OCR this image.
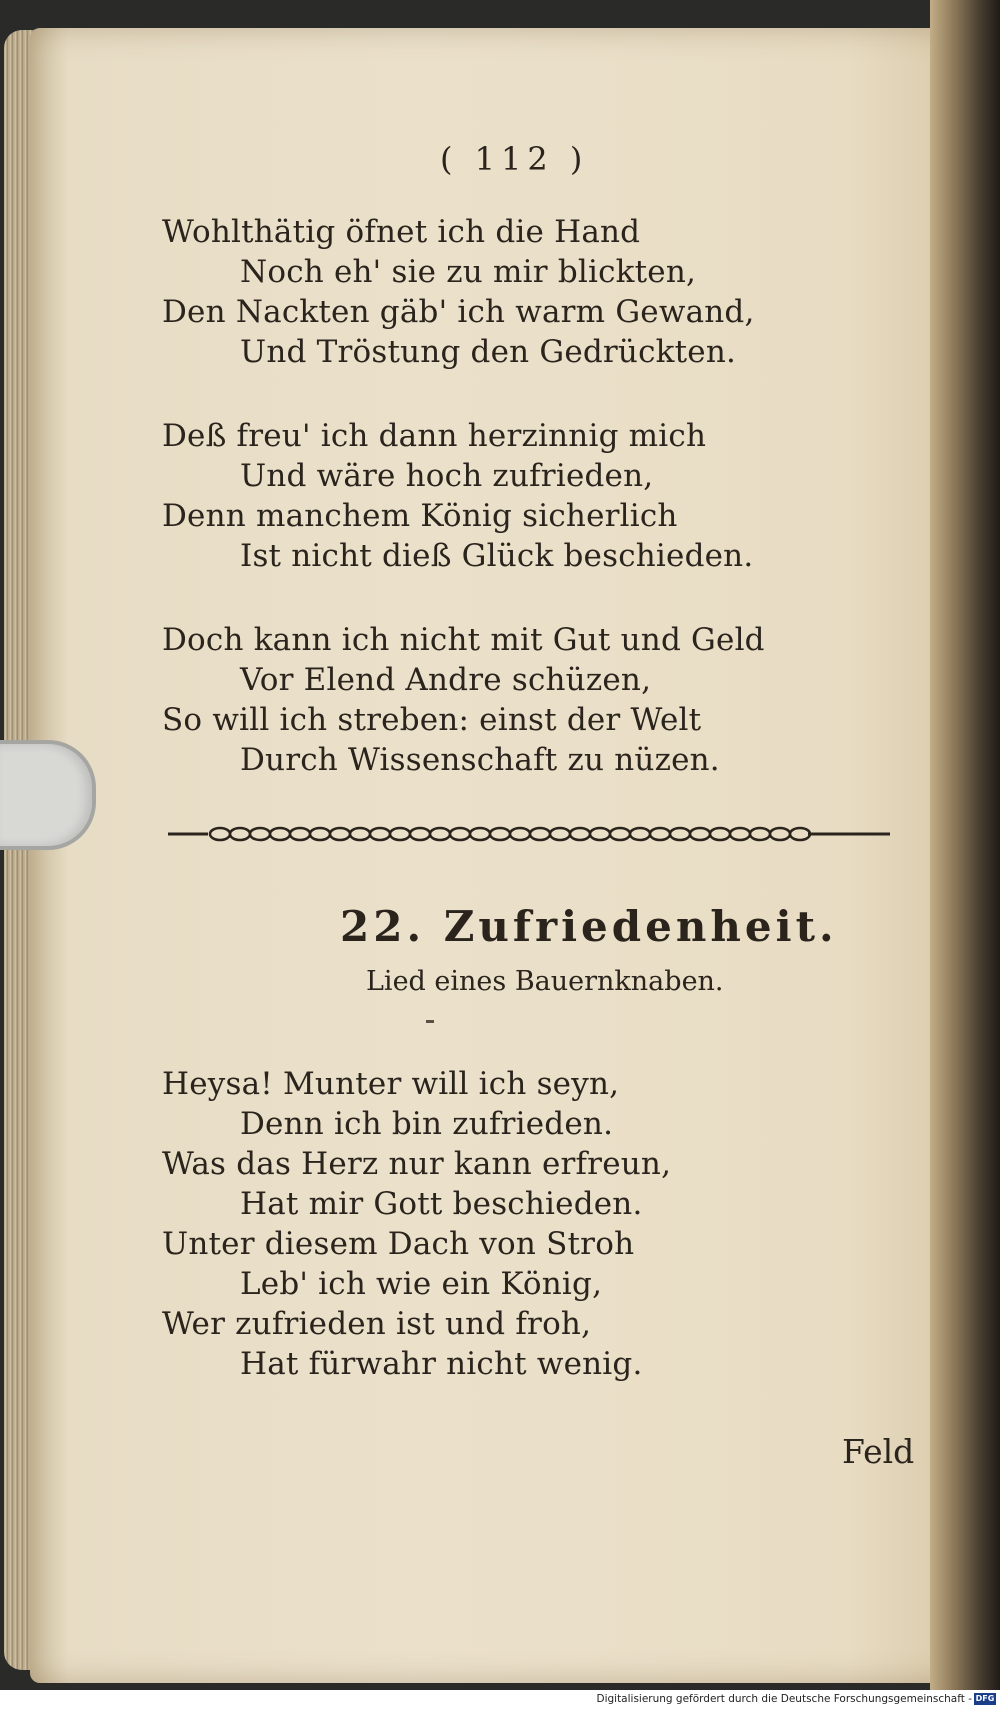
( 112 )
Wohlthätig öfnet ich die Hand
Noch eh' sie zu mir blickten,
Den Nackten gäb' ich warm Gewand,
Und Tröstung den Gedrückten.
Deß freu' ich dann herzinnig mich
Und wäre hoch zufrieden,
Denn manchem König sicherlich
Ist nicht dieß Glück beschieden.
Doch kann ich nicht mit Gut und Geld
Vor Elend Andre schüzen,
So will ich streben: einst der Welt
Durch Wissenschaft zu nüzen.
22. Zufriedenheit.
Lied eines Bauernknaben.
Heysa! Munter will ich seyn,
Denn ich bin zufrieden.
Was das Herz nur kann erfreun,
Hat mir Gott beschieden.
Unter diesem Dach von Stroh
Leb' ich wie ein König,
Wer zufrieden ist und froh,
Hat fürwahr nicht wenig.
Feld
Digitalisierung gefördert durch die Deutsche Forschungsgemeinschaft - DFG
